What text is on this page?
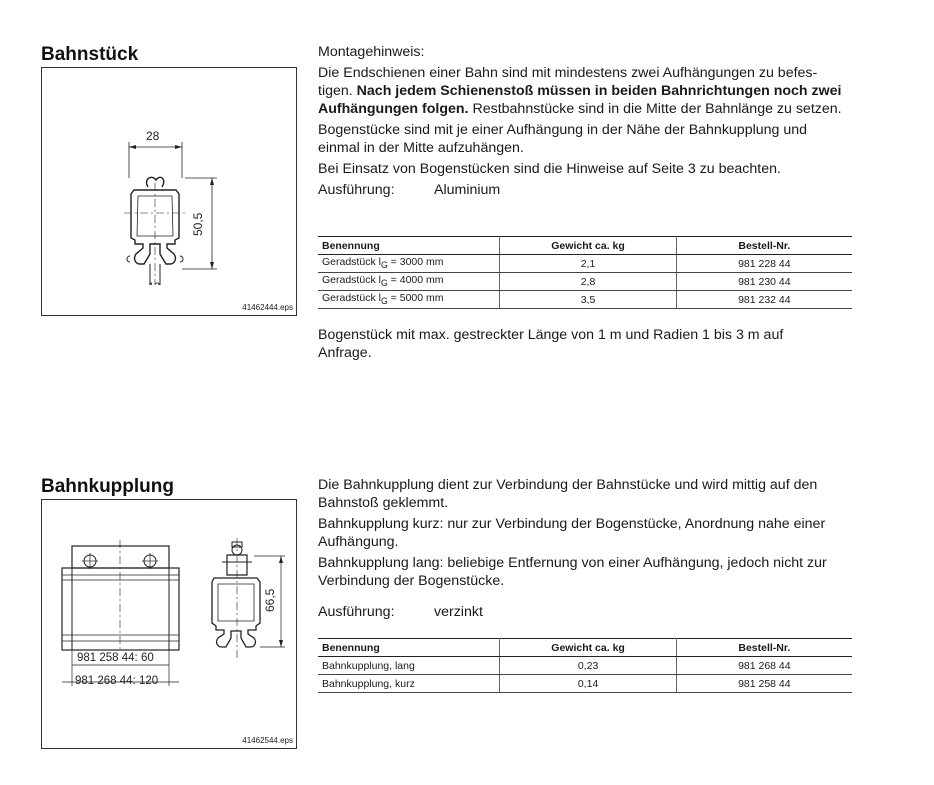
Bahnstück
28
50,5
41462444.eps

Montagehinweis:

Die Endschienen einer Bahn sind mit mindestens zwei Aufhängungen zu befes-tigen. Nach jedem Schienenstoß müssen in beiden Bahnrichtungen noch zwei Aufhängungen folgen. Restbahnstücke sind in die Mitte der Bahnlänge zu setzen.

Bogenstücke sind mit je einer Aufhängung in der Nähe der Bahnkupplung und einmal in der Mitte aufzuhängen.

Bei Einsatz von Bogenstücken sind die Hinweise auf Seite 3 zu beachten.

Ausführung:	Aluminium
Benennung	Gewicht ca. kg	Bestell-Nr.
Geradstück $l_G = 3000$ mm	2,1	981 228 44
Geradstück $l_G = 4000$ mm	2,8	981 230 44
Geradstück $l_G = 5000$ mm	3,5	981 232 44
Bogenstück mit max. gestreckter Länge von 1 m und Radien 1 bis 3 m auf Anfrage.
Bahnkupplung
981 258 44: 60
981 268 44: 120
66,5
41462544.eps

Die Bahnkupplung dient zur Verbindung der Bahnstücke und wird mittig auf den Bahnstoß geklemmt.

Bahnkupplung kurz: nur zur Verbindung der Bogenstücke, Anordnung nahe einer Aufhängung.

Bahnkupplung lang: beliebige Entfernung von einer Aufhängung, jedoch nicht zur Verbindung der Bogenstücke.

Ausführung:	verzinkt
Benennung	Gewicht ca. kg	Bestell-Nr.
Bahnkupplung, lang	0,23	981 268 44
Bahnkupplung, kurz	0,14	981 258 44
